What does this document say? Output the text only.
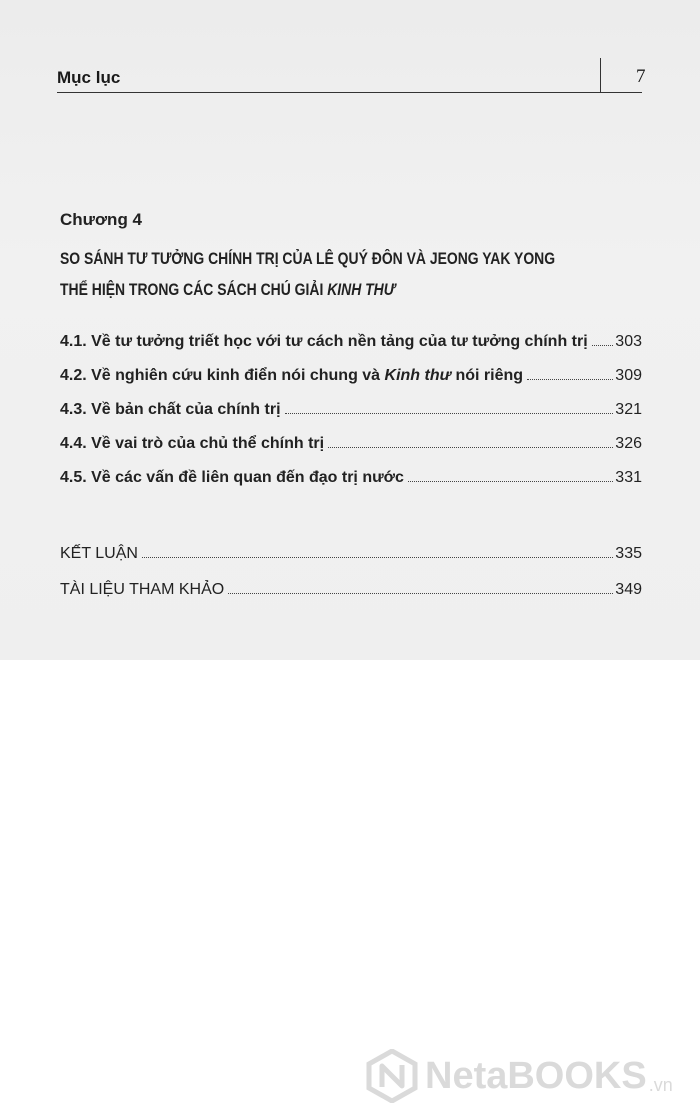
Mục lục	7
Chương 4
SO SÁNH TƯ TƯỞNG CHÍNH TRỊ CỦA LÊ QUÝ ĐÔN VÀ JEONG YAK YONG
THỂ HIỆN TRONG CÁC SÁCH CHÚ GIẢI KINH THƯ
4.1. Về tư tưởng triết học với tư cách nền tảng của tư tưởng chính trị 303
4.2. Về nghiên cứu kinh điển nói chung và Kinh thư nói riêng	309
4.3. Về bản chất của chính trị	321
4.4. Về vai trò của chủ thể chính trị	326
4.5. Về các vấn đề liên quan đến đạo trị nước	331
KẾT LUẬN	335
TÀI LIỆU THAM KHẢO	349
NetaBOOKS .vn
